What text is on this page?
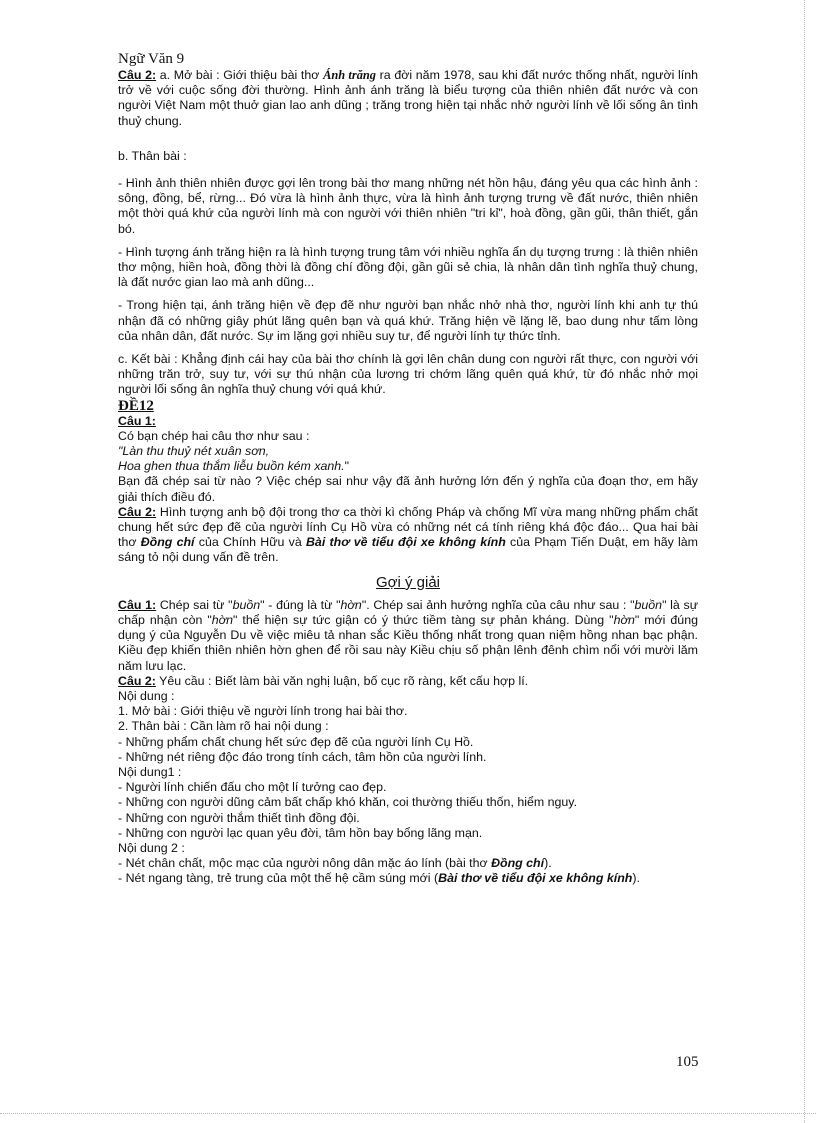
Ngữ Văn 9

Câu 2: a. Mở bài : Giới thiệu bài thơ Ánh trăng ra đời năm 1978, sau khi đất nước thống nhất, người lính trở về với cuộc sống đời thường. Hình ảnh ánh trăng là biểu tượng của thiên nhiên đất nước và con người Việt Nam một thuở gian lao anh dũng ; trăng trong hiện tại nhắc nhở người lính về lối sống ân tình thuỷ chung.

b. Thân bài :

- Hình ảnh thiên nhiên được gợi lên trong bài thơ mang những nét hồn hậu, đáng yêu qua các hình ảnh : sông, đồng, bể, rừng... Đó vừa là hình ảnh thực, vừa là hình ảnh tượng trưng về đất nước, thiên nhiên một thời quá khứ của người lính mà con người với thiên nhiên "tri kỉ", hoà đồng, gần gũi, thân thiết, gắn bó.

- Hình tượng ánh trăng hiện ra là hình tượng trung tâm với nhiều nghĩa ẩn dụ tượng trưng : là thiên nhiên thơ mộng, hiền hoà, đồng thời là đồng chí đồng đội, gần gũi sẻ chia, là nhân dân tình nghĩa thuỷ chung, là đất nước gian lao mà anh dũng...

- Trong hiện tại, ánh trăng hiện về đẹp đẽ như người bạn nhắc nhở nhà thơ, người lính khi anh tự thú nhận đã có những giây phút lãng quên bạn và quá khứ. Trăng hiện về lặng lẽ, bao dung như tấm lòng của nhân dân, đất nước. Sự im lặng gợi nhiều suy tư, để người lính tự thức tỉnh.

c. Kết bài : Khẳng định cái hay của bài thơ chính là gợi lên chân dung con người rất thực, con người với những trăn trở, suy tư, với sự thú nhận của lương tri chớm lãng quên quá khứ, từ đó nhắc nhở mọi người lối sống ân nghĩa thuỷ chung với quá khứ.

ĐỀ12
Câu 1:

Có bạn chép hai câu thơ như sau :

"Làn thu thuỷ nét xuân sơn,

Hoa ghen thua thắm liễu buồn kém xanh."

Bạn đã chép sai từ nào ? Việc chép sai như vậy đã ảnh hưởng lớn đến ý nghĩa của đoạn thơ, em hãy giải thích điều đó.

Câu 2: Hình tượng anh bộ đội trong thơ ca thời kì chống Pháp và chống Mĩ vừa mang những phẩm chất chung hết sức đẹp đẽ của người lính Cụ Hồ vừa có những nét cá tính riêng khá độc đáo... Qua hai bài thơ Đồng chí của Chính Hữu và Bài thơ về tiểu đội xe không kính của Phạm Tiến Duật, em hãy làm sáng tỏ nội dung vấn đề trên.

Gợi ý giải

Câu 1: Chép sai từ "buồn" - đúng là từ "hờn". Chép sai ảnh hưởng nghĩa của câu như sau : "buồn" là sự chấp nhận còn "hờn" thể hiện sự tức giận có ý thức tiềm tàng sự phản kháng. Dùng "hờn" mới đúng dụng ý của Nguyễn Du về việc miêu tả nhan sắc Kiều thống nhất trong quan niệm hồng nhan bạc phận. Kiều đẹp khiến thiên nhiên hờn ghen để rồi sau này Kiều chịu số phận lênh đênh chìm nổi với mười lăm năm lưu lạc.

Câu 2: Yêu cầu : Biết làm bài văn nghị luận, bố cục rõ ràng, kết cấu hợp lí.

Nội dung :

1. Mở bài : Giới thiệu về người lính trong hai bài thơ.

2. Thân bài : Cần làm rõ hai nội dung :

- Những phẩm chất chung hết sức đẹp đẽ của người lính Cụ Hồ.

- Những nét riêng độc đáo trong tính cách, tâm hồn của người lính.

Nội dung1 :

- Người lính chiến đấu cho một lí tưởng cao đẹp.

- Những con người dũng cảm bất chấp khó khăn, coi thường thiếu thốn, hiểm nguy.

- Những con người thắm thiết tình đồng đội.

- Những con người lạc quan yêu đời, tâm hồn bay bổng lãng mạn.

Nội dung 2 :

- Nét chân chất, mộc mạc của người nông dân mặc áo lính (bài thơ Đồng chí).

- Nét ngang tàng, trẻ trung của một thế hệ cầm súng mới (Bài thơ về tiểu đội xe không kính).

105
